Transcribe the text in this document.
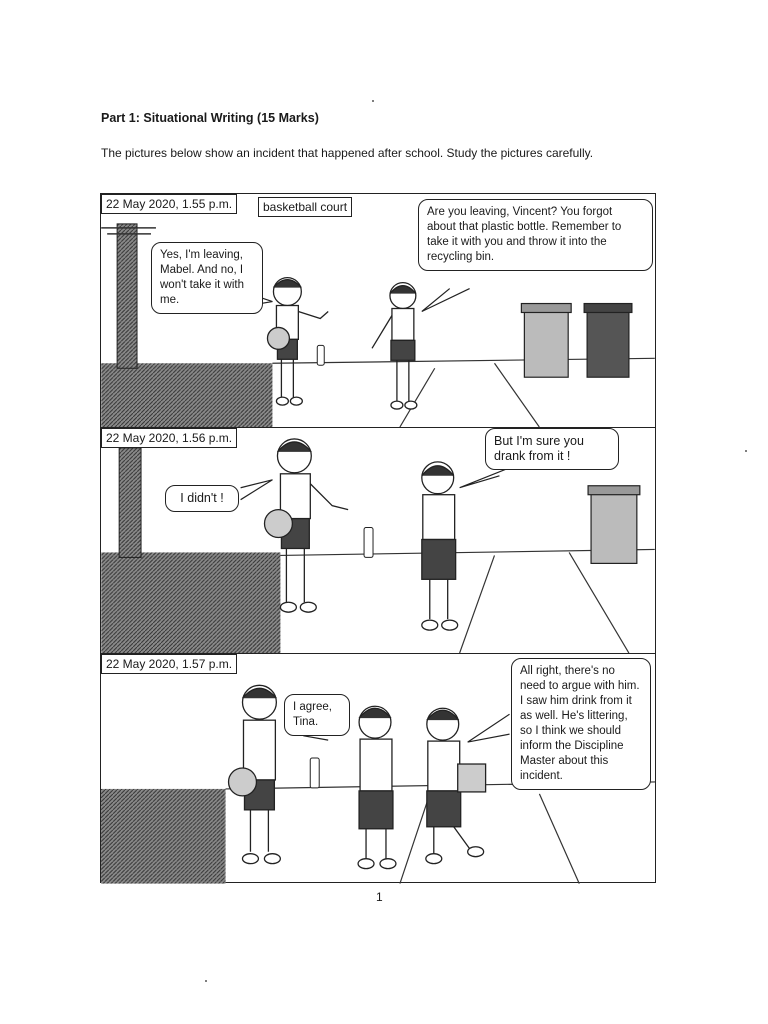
Part 1: Situational Writing (15 Marks)
The pictures below show an incident that happened after school. Study the pictures carefully.
22 May 2020, 1.55 p.m.	basketball court
Yes, I'm leaving, Mabel. And no, I won't take it with me.
Are you leaving, Vincent? You forgot about that plastic bottle. Remember to take it with you and throw it into the recycling bin.
22 May 2020, 1.56 p.m.
I didn't !
But I'm sure you drank from it !
22 May 2020, 1.57 p.m.
I agree, Tina.
All right, there's no need to argue with him. I saw him drink from it as well. He's littering, so I think we should inform the Discipline Master about this incident.
1
